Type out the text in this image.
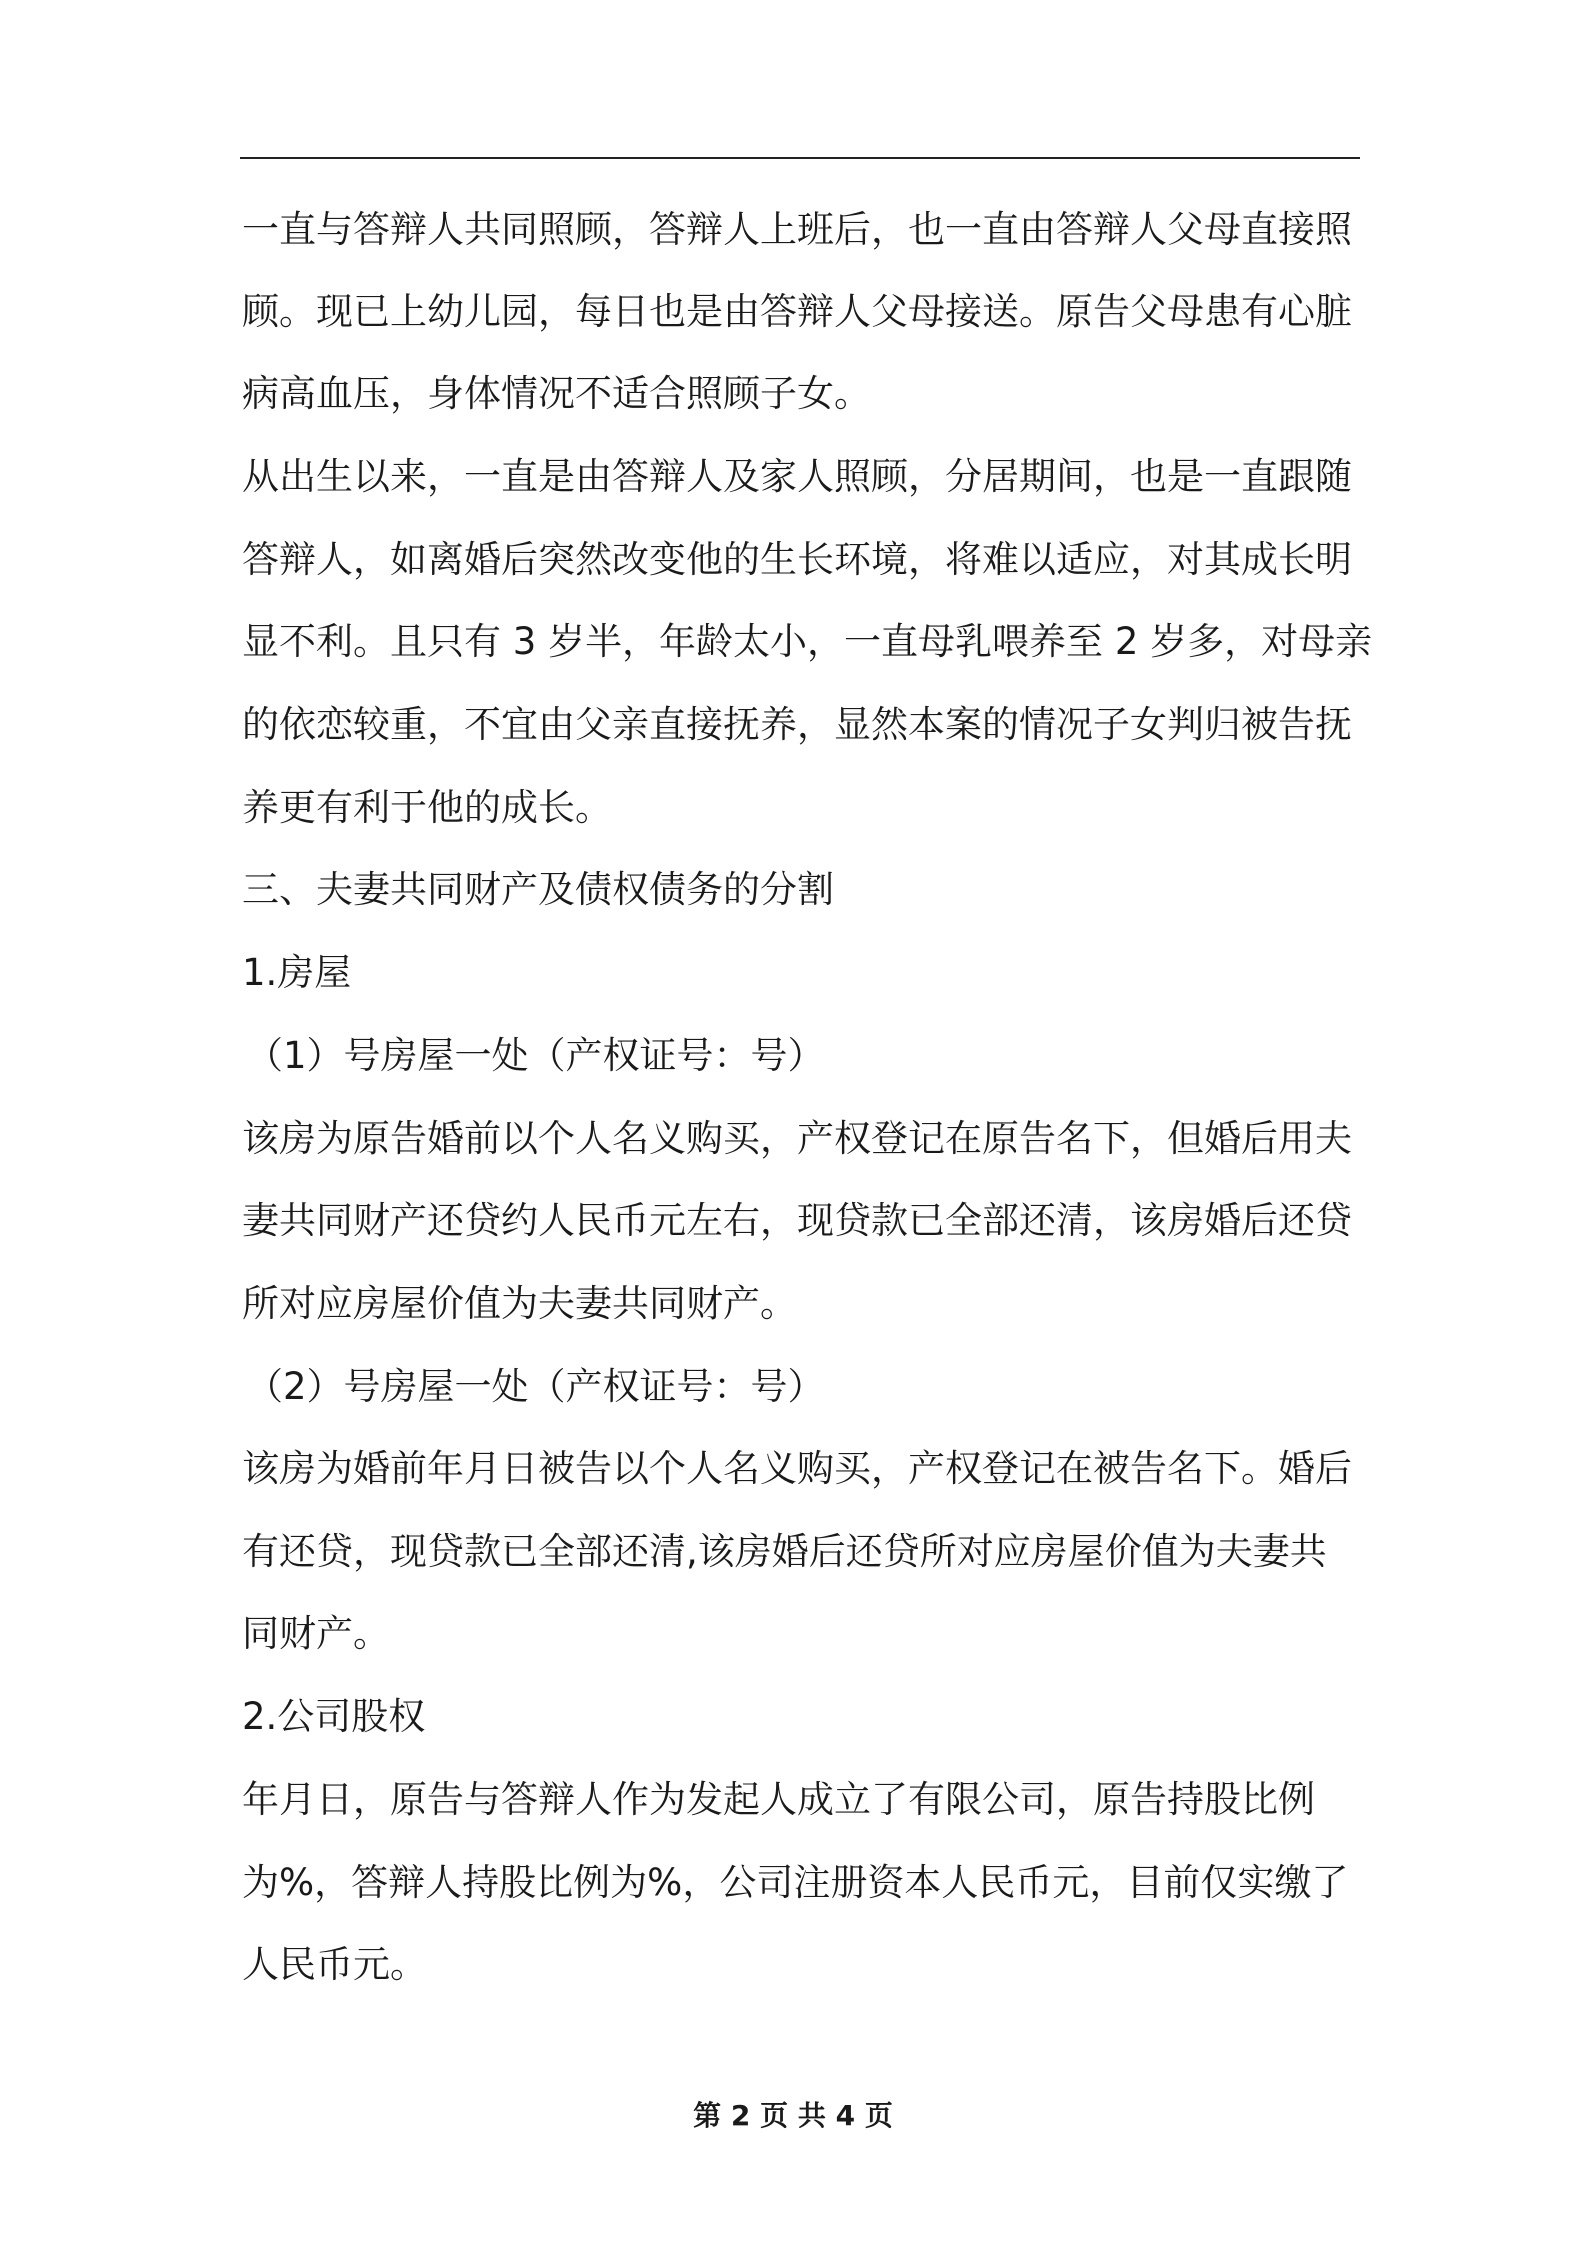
一直与答辩人共同照顾，答辩人上班后，也一直由答辩人父母直接照
顾。现已上幼儿园，每日也是由答辩人父母接送。原告父母患有心脏
病高血压，身体情况不适合照顾子女。
从出生以来，一直是由答辩人及家人照顾，分居期间，也是一直跟随
答辩人，如离婚后突然改变他的生长环境，将难以适应，对其成长明
显不利。且只有 3 岁半，年龄太小，一直母乳喂养至 2 岁多，对母亲
的依恋较重，不宜由父亲直接抚养，显然本案的情况子女判归被告抚
养更有利于他的成长。
三、夫妻共同财产及债权债务的分割
1.房屋
（1）号房屋一处（产权证号：号）
该房为原告婚前以个人名义购买，产权登记在原告名下，但婚后用夫
妻共同财产还贷约人民币元左右，现贷款已全部还清，该房婚后还贷
所对应房屋价值为夫妻共同财产。
（2）号房屋一处（产权证号：号）
该房为婚前年月日被告以个人名义购买，产权登记在被告名下。婚后
有还贷，现贷款已全部还清,该房婚后还贷所对应房屋价值为夫妻共
同财产。
2.公司股权
年月日，原告与答辩人作为发起人成立了有限公司，原告持股比例
为%，答辩人持股比例为%，公司注册资本人民币元，目前仅实缴了
人民币元。
第 2 页 共 4 页
